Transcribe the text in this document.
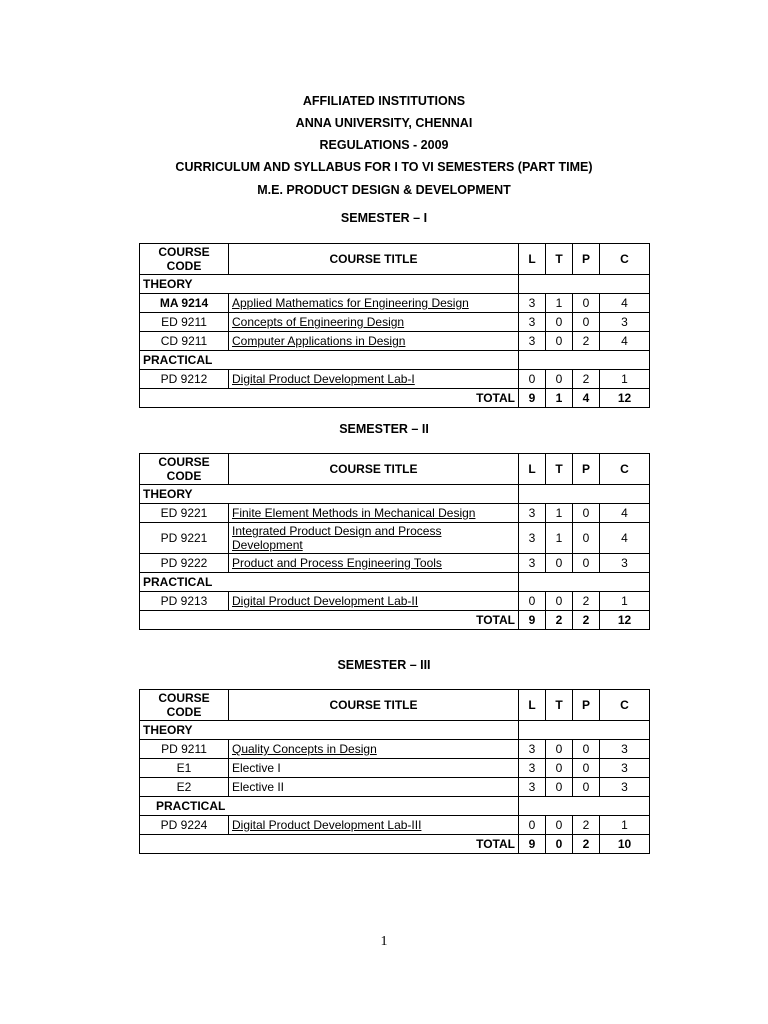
AFFILIATED INSTITUTIONS
ANNA UNIVERSITY, CHENNAI
REGULATIONS - 2009
CURRICULUM AND SYLLABUS FOR I TO VI SEMESTERS (PART TIME)
M.E. PRODUCT DESIGN & DEVELOPMENT
SEMESTER – I
COURSE
CODE	COURSE TITLE	L	T	P	C
THEORY					
MA 9214	Applied Mathematics for Engineering Design	3	1	0	4
ED 9211	Concepts of Engineering Design	3	0	0	3
CD 9211	Computer Applications in Design	3	0	2	4
PRACTICAL					
PD 9212	Digital Product Development Lab-I	0	0	2	1
TOTAL		9	1	4	12
SEMESTER – II
COURSE
CODE	COURSE TITLE	L	T	P	C
THEORY					
ED 9221	Finite Element Methods in Mechanical Design	3	1	0	4
PD 9221	Integrated Product Design and Process Development	3	1	0	4
PD 9222	Product and Process Engineering Tools	3	0	0	3
PRACTICAL					
PD 9213	Digital Product Development Lab-II	0	0	2	1
TOTAL		9	2	2	12
SEMESTER – III
COURSE
CODE	COURSE TITLE	L	T	P	C
THEORY					
PD 9211	Quality Concepts in Design	3	0	0	3
E1	Elective I	3	0	0	3
E2	Elective II	3	0	0	3
PRACTICAL					
PD 9224	Digital Product Development Lab-III	0	0	2	1
TOTAL		9	0	2	10
1
